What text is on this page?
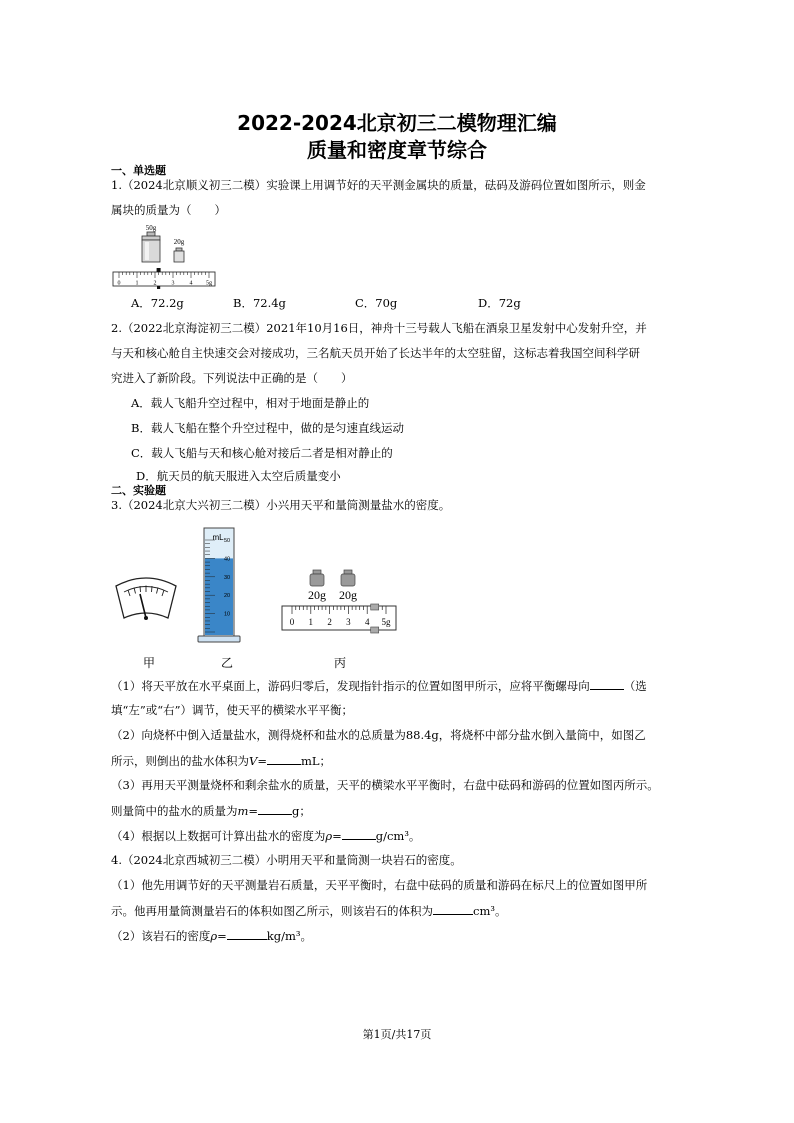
2022-2024北京初三二模物理汇编
质量和密度章节综合
一、单选题
1.（2024北京顺义初三二模）实验课上用调节好的天平测金属块的质量，砝码及游码位置如图所示，则金
属块的质量为（　　）
50g
20g
0	1	2	3	4 5g
A．72.2g	B．72.4g	C．70g	D．72g
2.（2022北京海淀初三二模）2021年10月16日，神舟十三号载人飞船在酒泉卫星发射中心发射升空，并
与天和核心舱自主快速交会对接成功，三名航天员开始了长达半年的太空驻留，这标志着我国空间科学研
究进入了新阶段。下列说法中正确的是（　　）
A．载人飞船升空过程中，相对于地面是静止的
B．载人飞船在整个升空过程中，做的是匀速直线运动
C．载人飞船与天和核心舱对接后二者是相对静止的
D．航天员的航天服进入太空后质量变小
二、实验题
3.（2024北京大兴初三二模）小兴用天平和量筒测量盐水的密度。
mL 50
40
30
20
10
20g 20g
0 1 2 3 4 5g
甲	乙	丙
（1）将天平放在水平桌面上，游码归零后，发现指针指示的位置如图甲所示，应将平衡螺母向	（选
填“左”或“右”）调节，使天平的横梁水平平衡；
（2）向烧杯中倒入适量盐水，测得烧杯和盐水的总质量为88.4g，将烧杯中部分盐水倒入量筒中，如图乙
所示，则倒出的盐水体积为V=	mL；
（3）再用天平测量烧杯和剩余盐水的质量，天平的横梁水平平衡时，右盘中砝码和游码的位置如图丙所示。
则量筒中的盐水的质量为m=	g；
（4）根据以上数据可计算出盐水的密度为ρ=	g/cm³。
4.（2024北京西城初三二模）小明用天平和量筒测一块岩石的密度。
（1）他先用调节好的天平测量岩石质量，天平平衡时，右盘中砝码的质量和游码在标尺上的位置如图甲所
示。他再用量筒测量岩石的体积如图乙所示，则该岩石的体积为	cm³。
（2）该岩石的密度ρ=	kg/m³。
第1页/共17页
